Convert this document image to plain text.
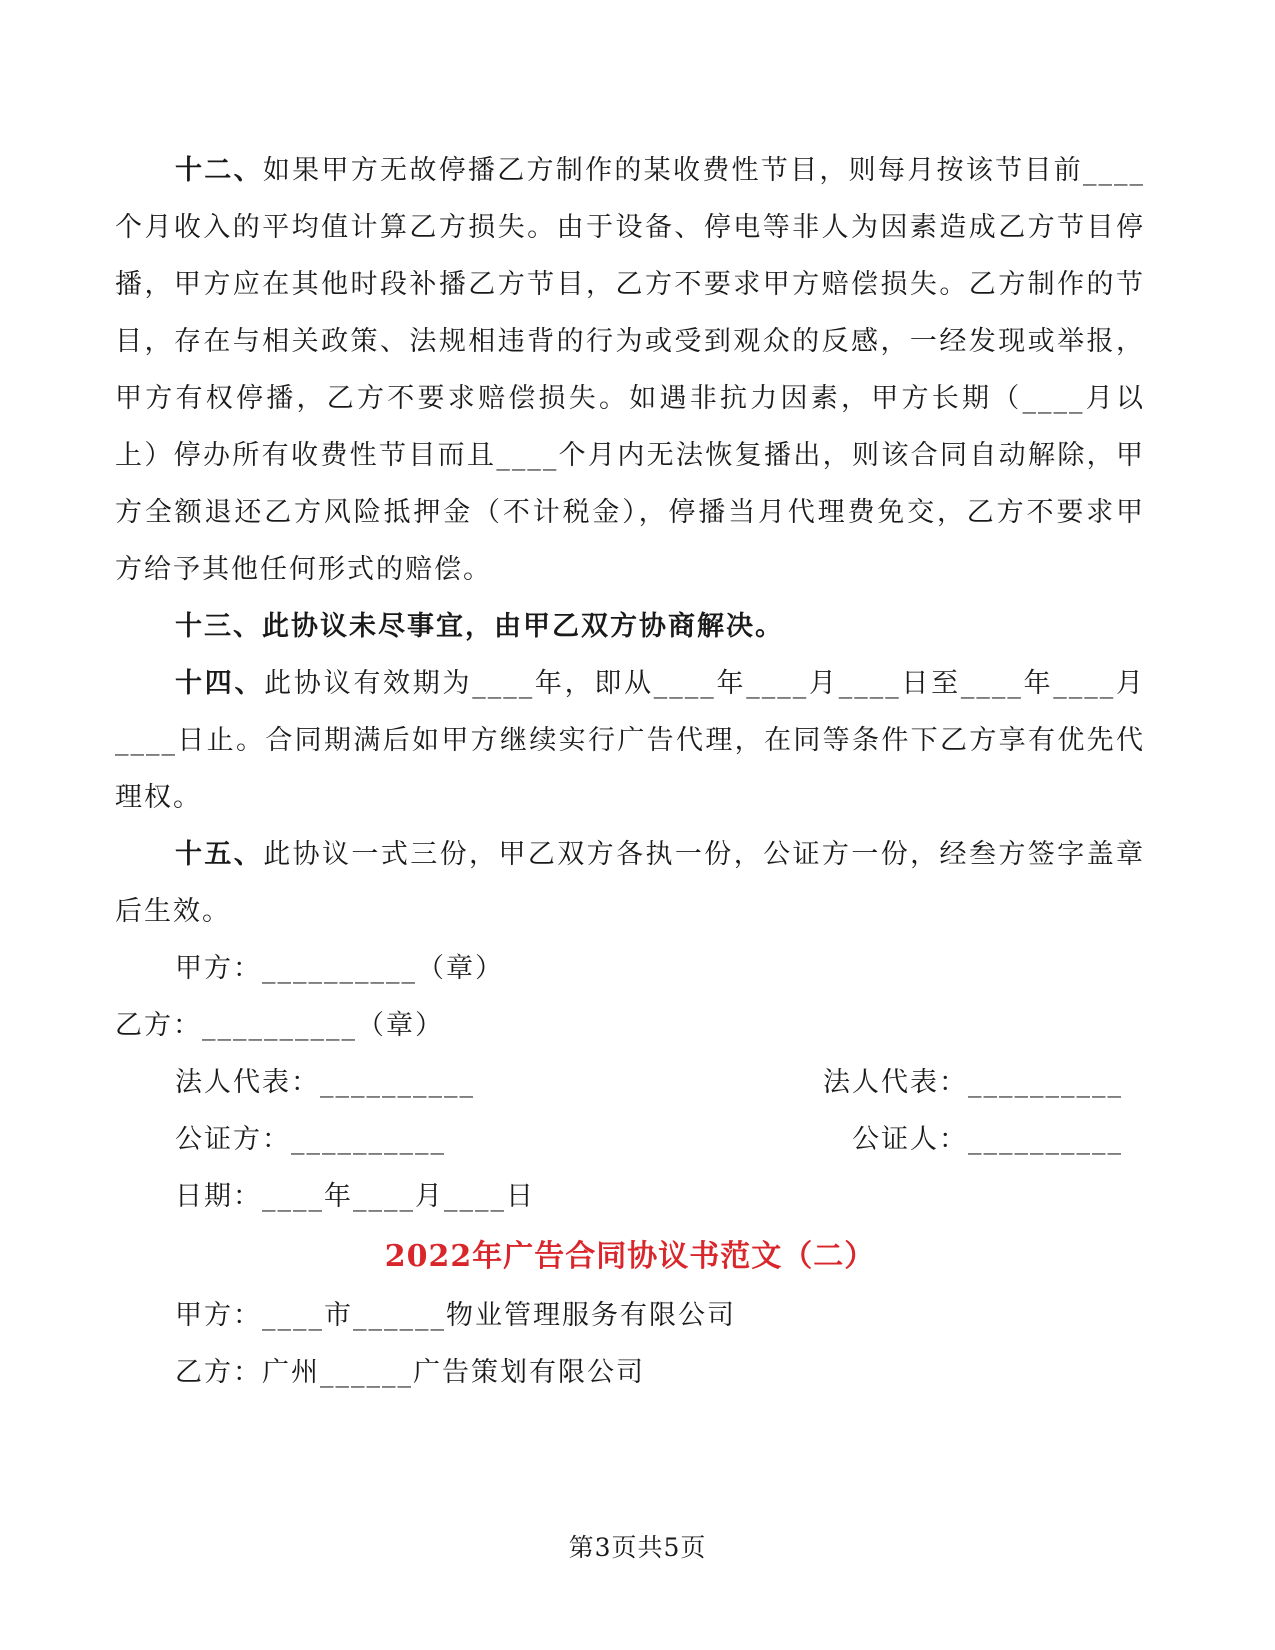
十二、如果甲方无故停播乙方制作的某收费性节目，则每月按该节目前____个月收入的平均值计算乙方损失。由于设备、停电等非人为因素造成乙方节目停播，甲方应在其他时段补播乙方节目，乙方不要求甲方赔偿损失。乙方制作的节目，存在与相关政策、法规相违背的行为或受到观众的反感，一经发现或举报，甲方有权停播，乙方不要求赔偿损失。如遇非抗力因素，甲方长期（____月以上）停办所有收费性节目而且____个月内无法恢复播出，则该合同自动解除，甲方全额退还乙方风险抵押金（不计税金），停播当月代理费免交，乙方不要求甲方给予其他任何形式的赔偿。

十三、此协议未尽事宜，由甲乙双方协商解决。

十四、此协议有效期为____年，即从____年____月____日至____年____月____日止。合同期满后如甲方继续实行广告代理，在同等条件下乙方享有优先代理权。

十五、此协议一式三份，甲乙双方各执一份，公证方一份，经叁方签字盖章后生效。

甲方：__________（章）
乙方：__________（章）
法人代表：__________	法人代表：__________
公证方：__________	公证人：__________
日期：____年____月____日
2022年广告合同协议书范文（二）
甲方：____市______物业管理服务有限公司
乙方：广州______广告策划有限公司
第3页共5页
